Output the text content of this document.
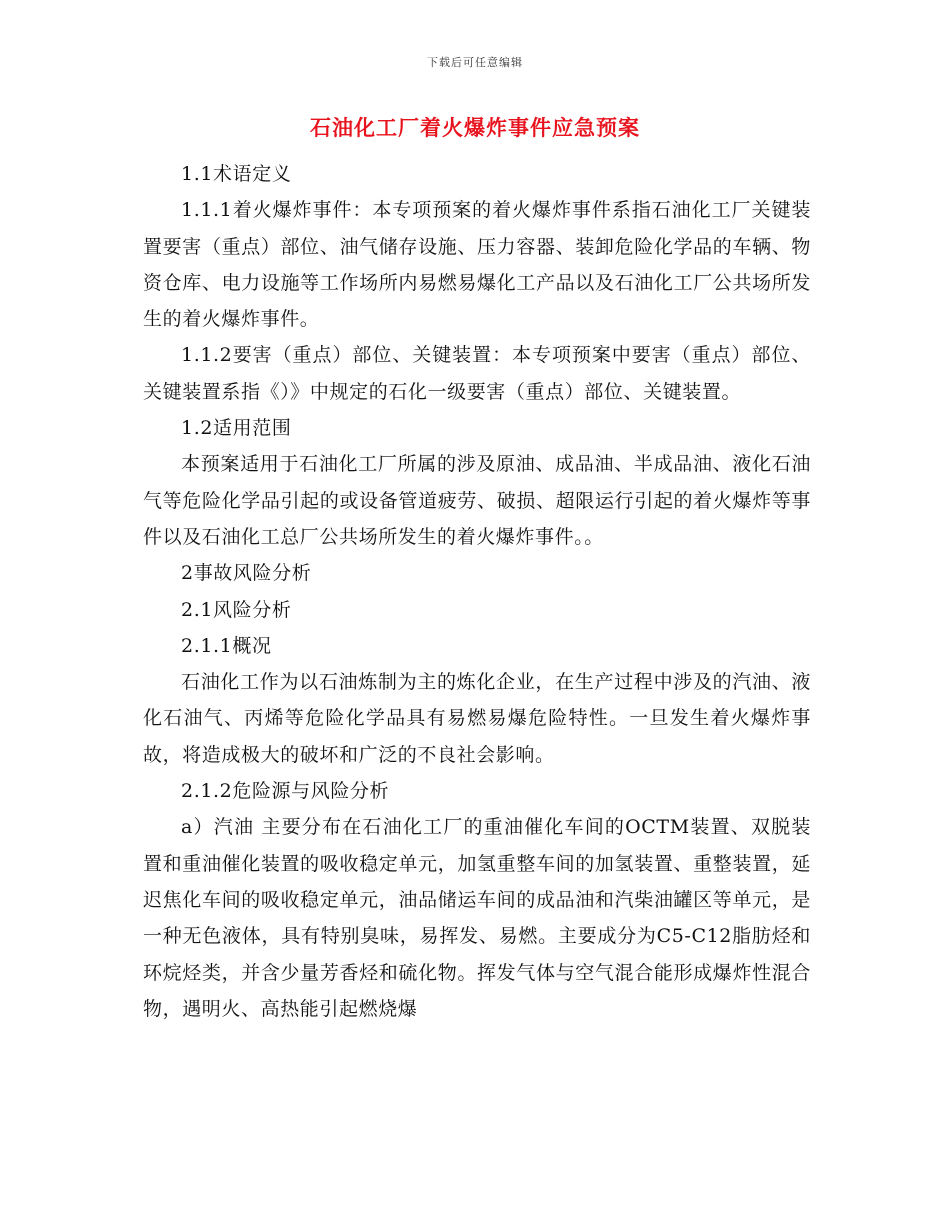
下载后可任意编辑
石油化工厂着火爆炸事件应急预案

1.1术语定义

1.1.1着火爆炸事件：本专项预案的着火爆炸事件系指石油化工厂关键装置要害（重点）部位、油气储存设施、压力容器、装卸危险化学品的车辆、物资仓库、电力设施等工作场所内易燃易爆化工产品以及石油化工厂公共场所发生的着火爆炸事件。

1.1.2要害（重点）部位、关键装置：本专项预案中要害（重点）部位、关键装置系指《）》中规定的石化一级要害（重点）部位、关键装置。

1.2适用范围

本预案适用于石油化工厂所属的涉及原油、成品油、半成品油、液化石油气等危险化学品引起的或设备管道疲劳、破损、超限运行引起的着火爆炸等事件以及石油化工总厂公共场所发生的着火爆炸事件。。

2事故风险分析

2.1风险分析

2.1.1概况

石油化工作为以石油炼制为主的炼化企业，在生产过程中涉及的汽油、液化石油气、丙烯等危险化学品具有易燃易爆危险特性。一旦发生着火爆炸事故，将造成极大的破坏和广泛的不良社会影响。

2.1.2危险源与风险分析

a）汽油 主要分布在石油化工厂的重油催化车间的OCTM装置、双脱装置和重油催化装置的吸收稳定单元，加氢重整车间的加氢装置、重整装置，延迟焦化车间的吸收稳定单元，油品储运车间的成品油和汽柴油罐区等单元，是一种无色液体，具有特别臭味，易挥发、易燃。主要成分为C5-C12脂肪烃和环烷烃类，并含少量芳香烃和硫化物。挥发气体与空气混合能形成爆炸性混合物，遇明火、高热能引起燃烧爆
